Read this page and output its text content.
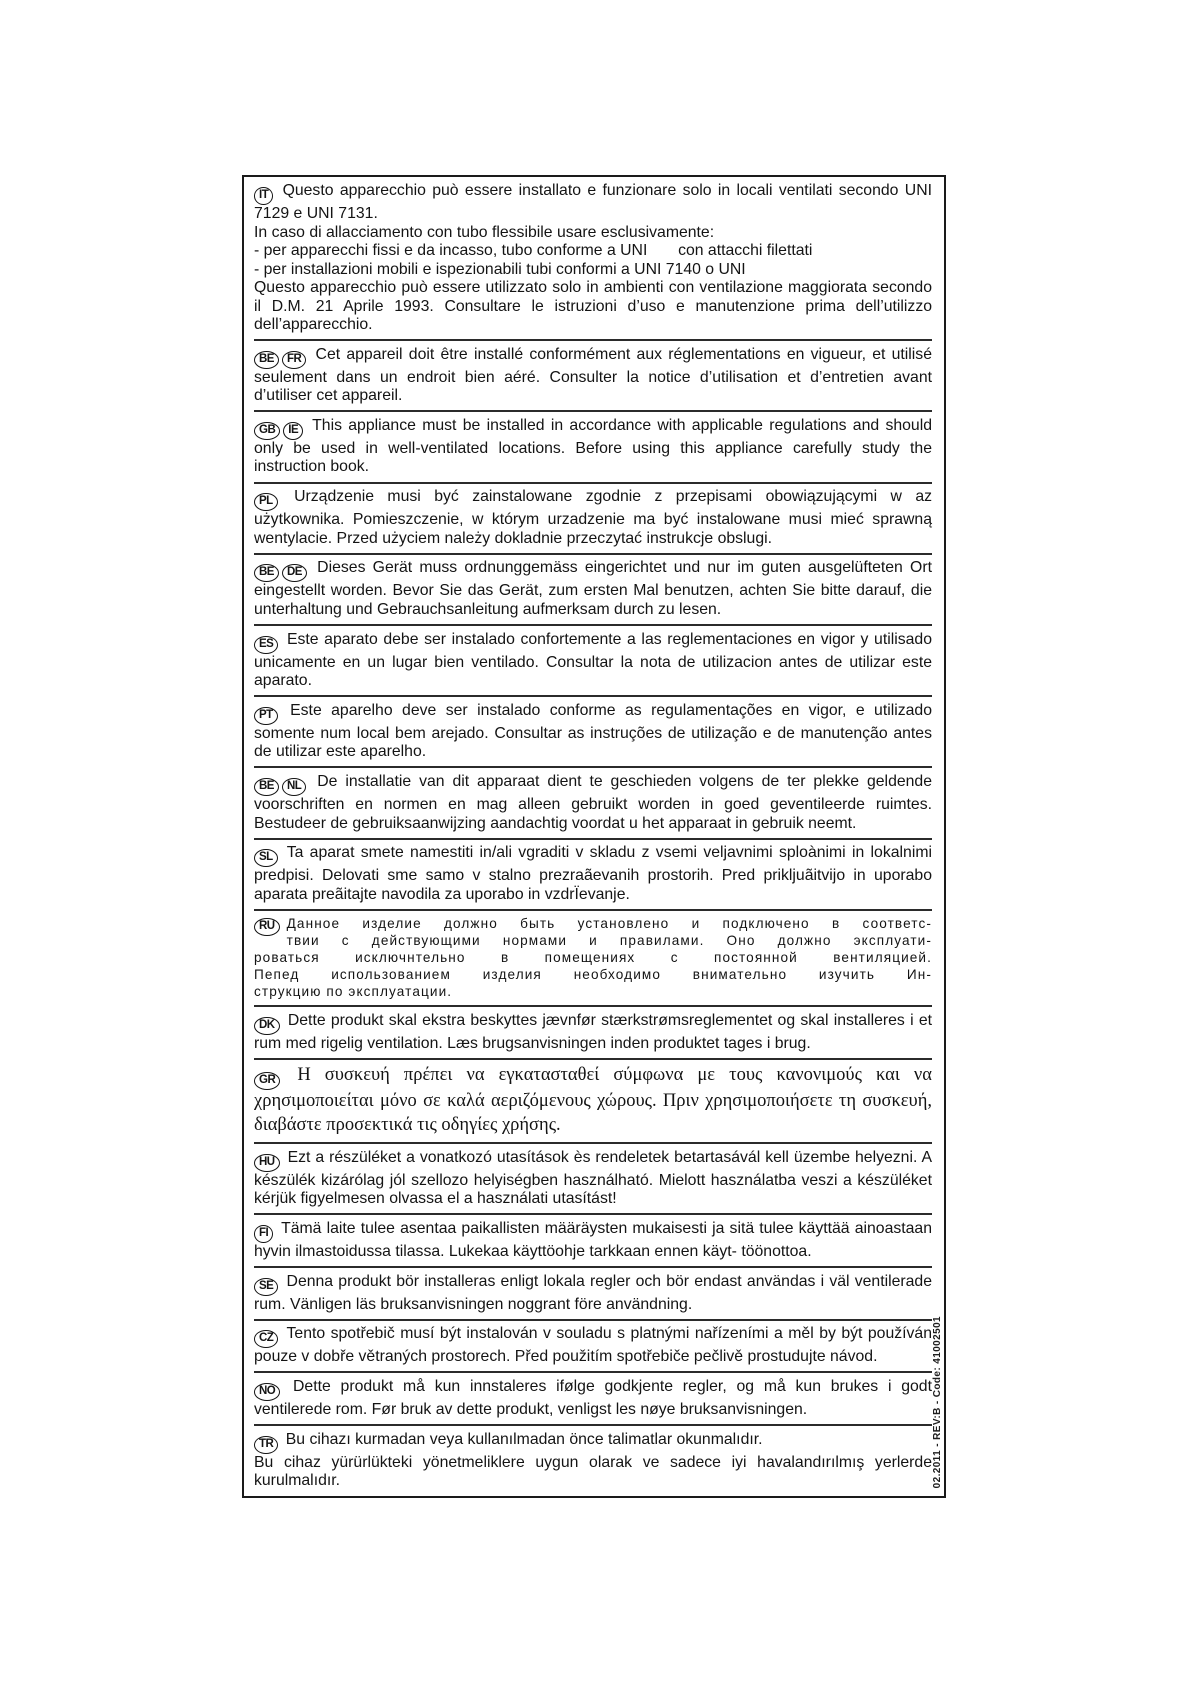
IT Questo apparecchio può essere installato e funzionare solo in locali ventilati secondo UNI 7129 e UNI 7131.

In caso di allacciamento con tubo flessibile usare esclusivamente:

- per apparecchi fissi e da incasso, tubo conforme a UNI       con attacchi filettati

- per installazioni mobili e ispezionabili tubi conformi a UNI 7140 o UNI

Questo apparecchio può essere utilizzato solo in ambienti con ventilazione maggiorata secondo il D.M. 21 Aprile 1993. Consultare le istruzioni d’uso e manutenzione prima dell’utilizzo dell’apparecchio.

BE FR Cet appareil doit être installé conformément aux réglementations en vigueur, et utilisé seulement dans un endroit bien aéré. Consulter la notice d’utilisation et d’entretien avant d’utiliser cet appareil.

GB IE This appliance must be installed in accordance with applicable regulations and should only be used in well-ventilated locations. Before using this appliance carefully study the instruction book.

PL Urządzenie musi być zainstalowane zgodnie z przepisami obowiązującymi w az użytkownika. Pomieszczenie, w którym urzadzenie ma być instalowane musi mieć sprawną wentylacie. Przed użyciem należy dokladnie przeczytać instrukcje obslugi.

BE DE Dieses Gerät muss ordnunggemäss eingerichtet und nur im guten ausgelüfteten Ort eingestellt worden. Bevor Sie das Gerät, zum ersten Mal benutzen, achten Sie bitte darauf, die unterhaltung und Gebrauchsanleitung aufmerksam durch zu lesen.

ES Este aparato debe ser instalado confortemente a las reglementaciones en vigor y utilisado unicamente en un lugar bien ventilado. Consultar la nota de utilizacion antes de utilizar este aparato.

PT Este aparelho deve ser instalado conforme as regulamentações en vigor, e utilizado somente num local bem arejado. Consultar as instruções de utilização e de manutenção antes de utilizar este aparelho.

BE NL De installatie van dit apparaat dient te geschieden volgens de ter plekke geldende voorschriften en normen en mag alleen gebruikt worden in goed geventileerde ruimtes. Bestudeer de gebruiksaanwijzing aandachtig voordat u het apparaat in gebruik neemt.

SL Ta aparat smete namestiti in/ali vgraditi v skladu z vsemi veljavnimi sploànimi in lokalnimi predpisi. Delovati sme samo v stalno prezraãevanih prostorih. Pred prikljuãitvijo in uporabo aparata preãitajte navodila za uporabo in vzdrÏevanje.

RU Данное изделие должно быть установлено и подключено в соответс-

твии с действующими нормами и правилами. Оно должно эксплуати-

роваться исключнтельно в помещениях с постоянной вентиляцией.

Пепед использованием изделия необходимо внимательно изучить Ин-

струкцию по эксплуатации.

DK Dette produkt skal ekstra beskyttes jævnfør stærkstrømsreglementet og skal installeres i et rum med rigelig ventilation. Læs brugsanvisningen inden produktet tages i brug.

GR Η συσκευή πρέπει να εγκατασταθεί σύμφωνα με τους κανονιμούς και να χρησιμοποιείται μόνο σε καλά αεριζόμενους χώρους. Πριν χρησιμοποιήσετε τη συσκευή, διαβάστε προσεκτικά τις οδηγίες χρήσης.

HU Ezt a részüléket a vonatkozó utasítások ès rendeletek betartasávál kell üzembe helyezni. A készülék kizárólag jól szellozo helyiségben használható. Mielott használatba veszi a készüléket kérjük figyelmesen olvassa el a használati utasítást!

FI Tämä laite tulee asentaa paikallisten määräysten mukaisesti ja sitä tulee käyttää ainoastaan hyvin ilmastoidussa tilassa. Lukekaa käyttöohje tarkkaan ennen käyt- töönottoa.

SE Denna produkt bör installeras enligt lokala regler och bör endast användas i väl ventilerade rum. Vänligen läs bruksanvisningen noggrant före användning.

CZ Tento spotřebič musí být instalován v souladu s platnými nařízeními a měl by být používán pouze v dobře větraných prostorech. Před použitím spotřebiče pečlivě prostudujte návod.

NO Dette produkt må kun innstaleres ifølge godkjente regler, og må kun brukes i godt ventilerede rom. Før bruk av dette produkt, venligst les nøye bruksanvisningen.

TR Bu cihazı kurmadan veya kullanılmadan önce talimatlar okunmalıdır.

Bu cihaz yürürlükteki yönetmeliklere uygun olarak ve sadece iyi havalandırılmış yerlerde kurulmalıdır.	02.2011 - REV:B - Code: 41002501
